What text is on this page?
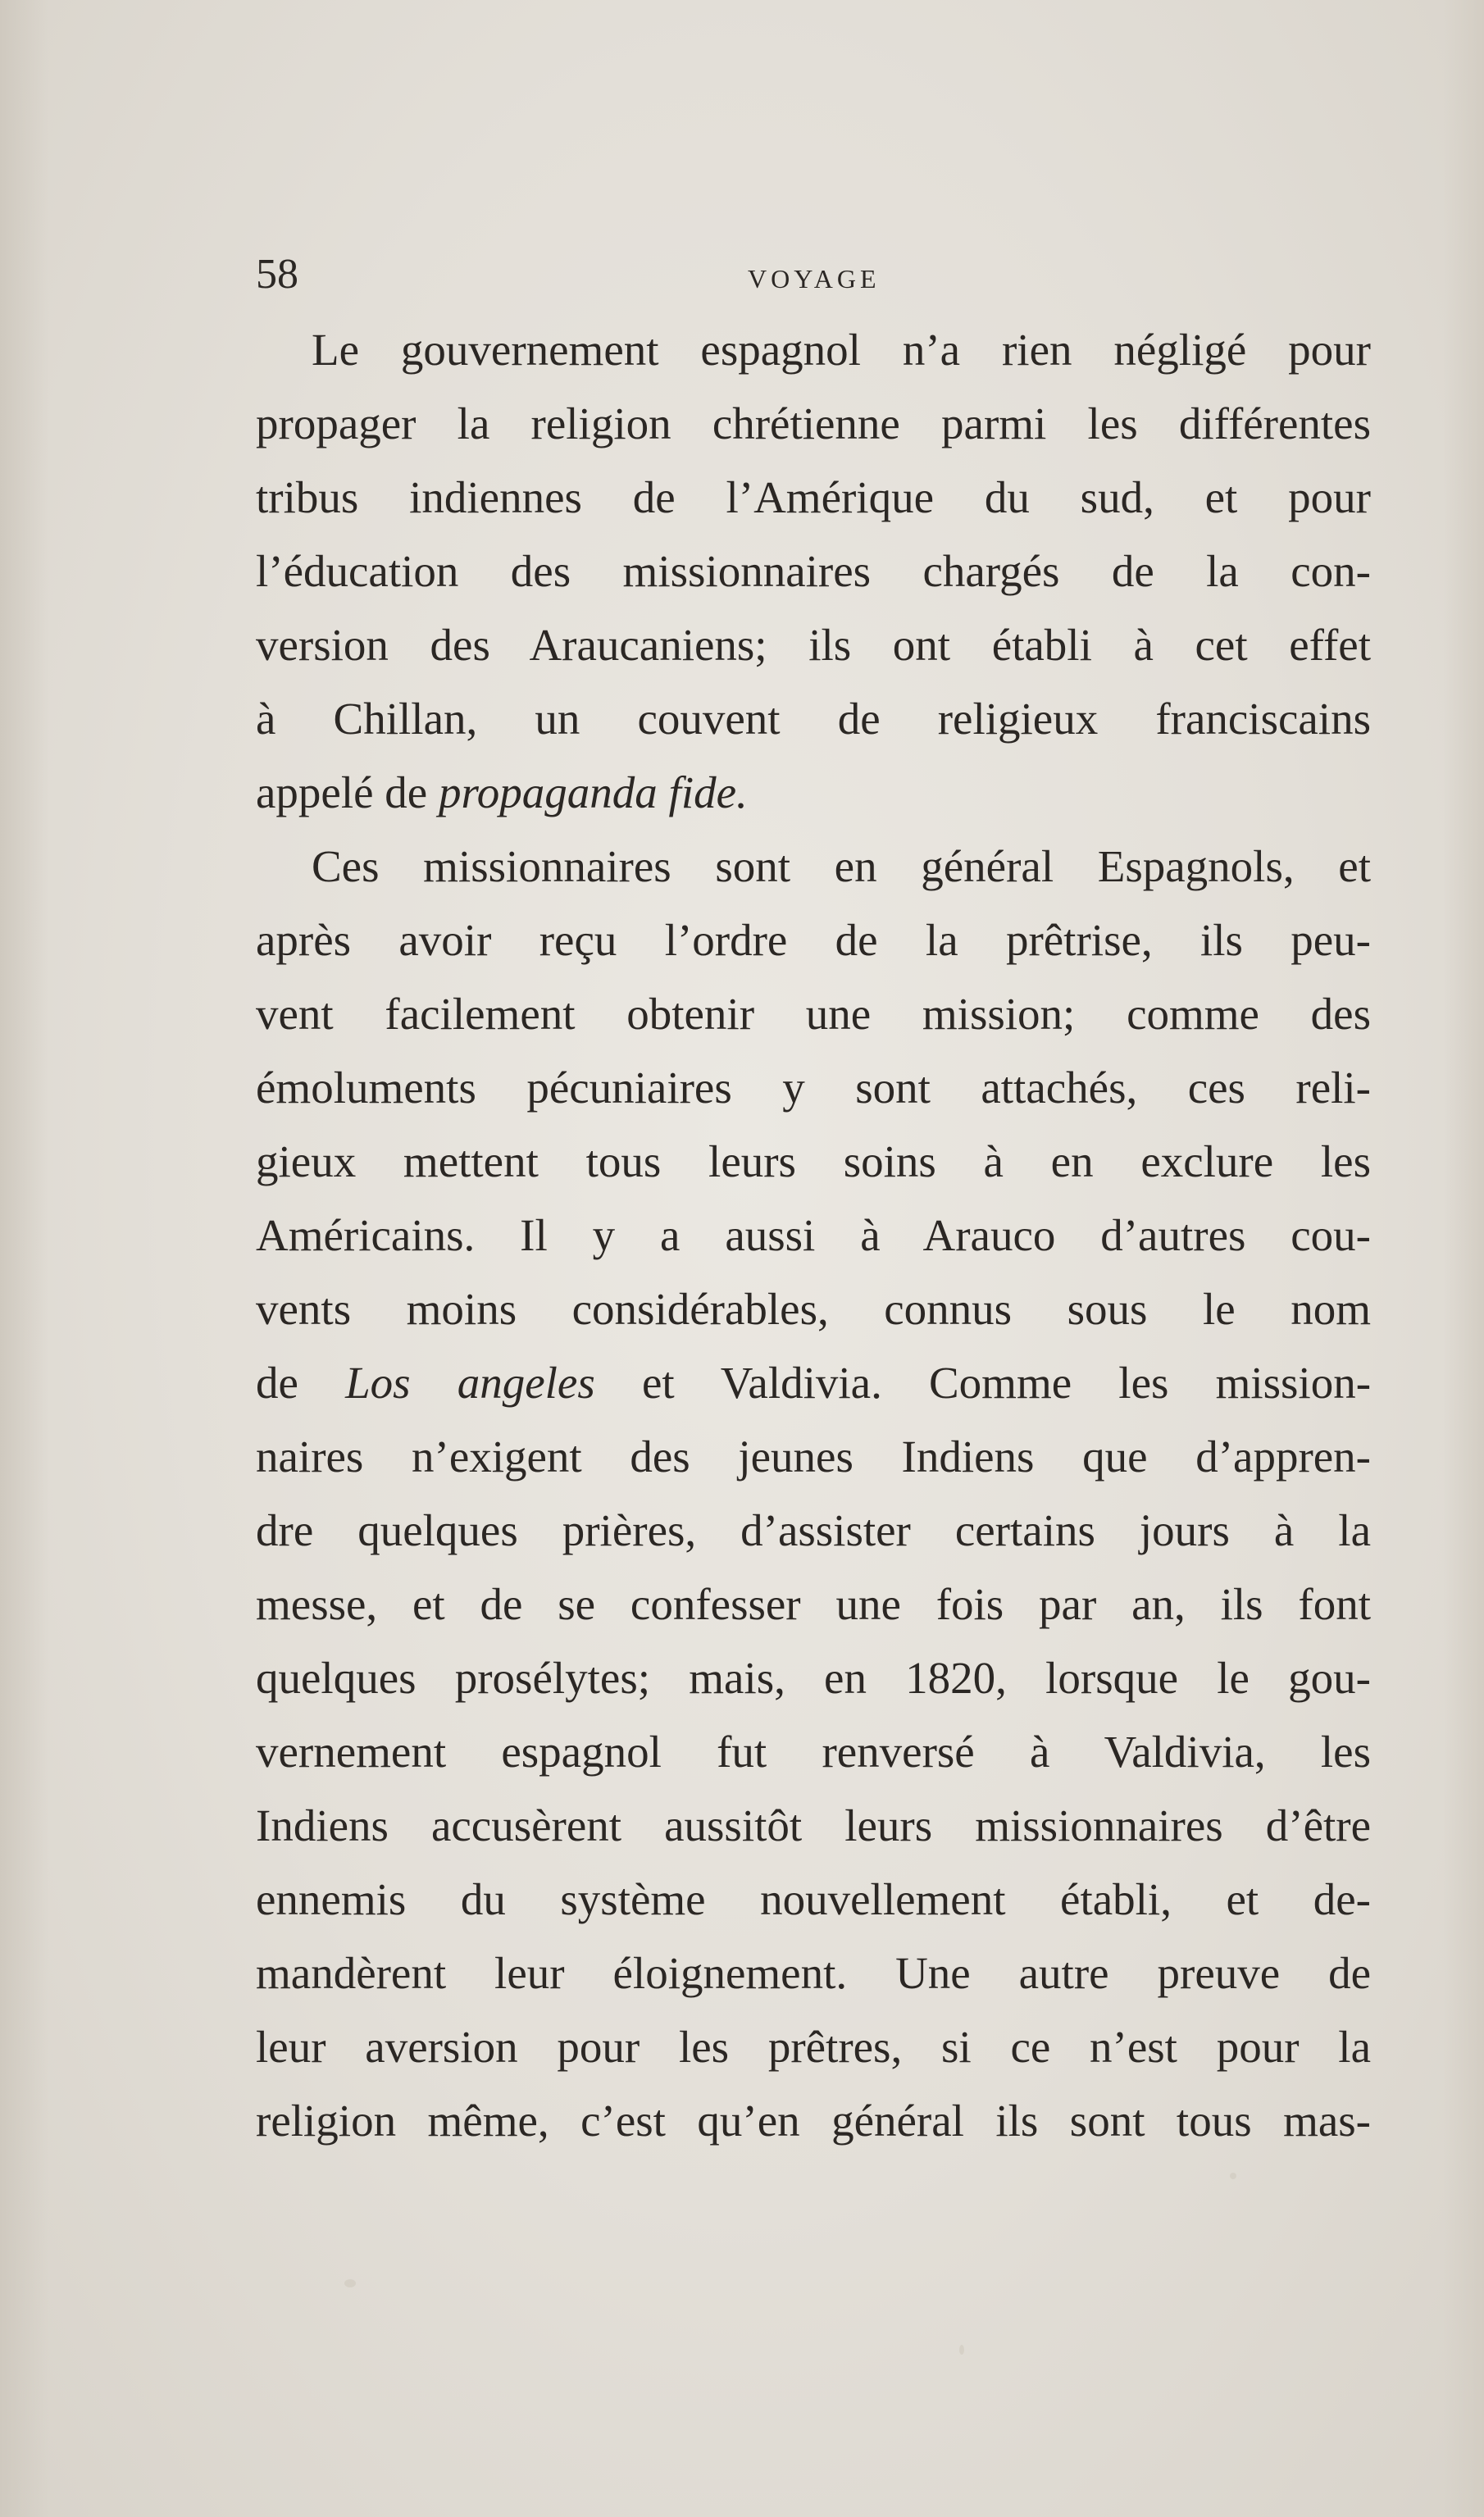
58	VOYAGE
Le gouvernement espagnol n’a rien négligé pour
propager la religion chrétienne parmi les différentes
tribus indiennes de l’Amérique du sud, et pour
l’éducation des missionnaires chargés de la con-
version des Araucaniens; ils ont établi à cet effet
à Chillan, un couvent de religieux franciscains
appelé de propaganda fide.
Ces missionnaires sont en général Espagnols, et
après avoir reçu l’ordre de la prêtrise, ils peu-
vent facilement obtenir une mission; comme des
émoluments pécuniaires y sont attachés, ces reli-
gieux mettent tous leurs soins à en exclure les
Américains. Il y a aussi à Arauco d’autres cou-
vents moins considérables, connus sous le nom
de Los angeles et Valdivia. Comme les mission-
naires n’exigent des jeunes Indiens que d’appren-
dre quelques prières, d’assister certains jours à la
messe, et de se confesser une fois par an, ils font
quelques prosélytes; mais, en 1820, lorsque le gou-
vernement espagnol fut renversé à Valdivia, les
Indiens accusèrent aussitôt leurs missionnaires d’être
ennemis du système nouvellement établi, et de-
mandèrent leur éloignement. Une autre preuve de
leur aversion pour les prêtres, si ce n’est pour la
religion même, c’est qu’en général ils sont tous mas-
